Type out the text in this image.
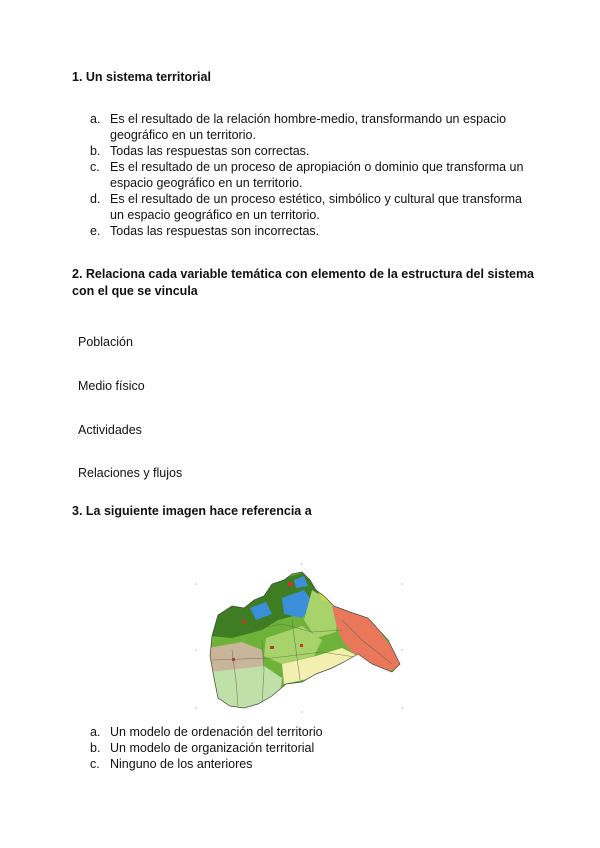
1. Un sistema territorial
a. Es el resultado de la relación hombre-medio, transformando un espacio geográfico en un territorio.
b. Todas las respuestas son correctas.
c. Es el resultado de un proceso de apropiación o dominio que transforma un espacio geográfico en un territorio.
d. Es el resultado de un proceso estético, simbólico y cultural que transforma un espacio geográfico en un territorio.
e. Todas las respuestas son incorrectas.
2. Relaciona cada variable temática con elemento de la estructura del sistema con el que se vincula
Población
Medio físico
Actividades
Relaciones y flujos
3. La siguiente imagen hace referencia a
a. Un modelo de ordenación del territorio
b. Un modelo de organización territorial
c. Ninguno de los anteriores
